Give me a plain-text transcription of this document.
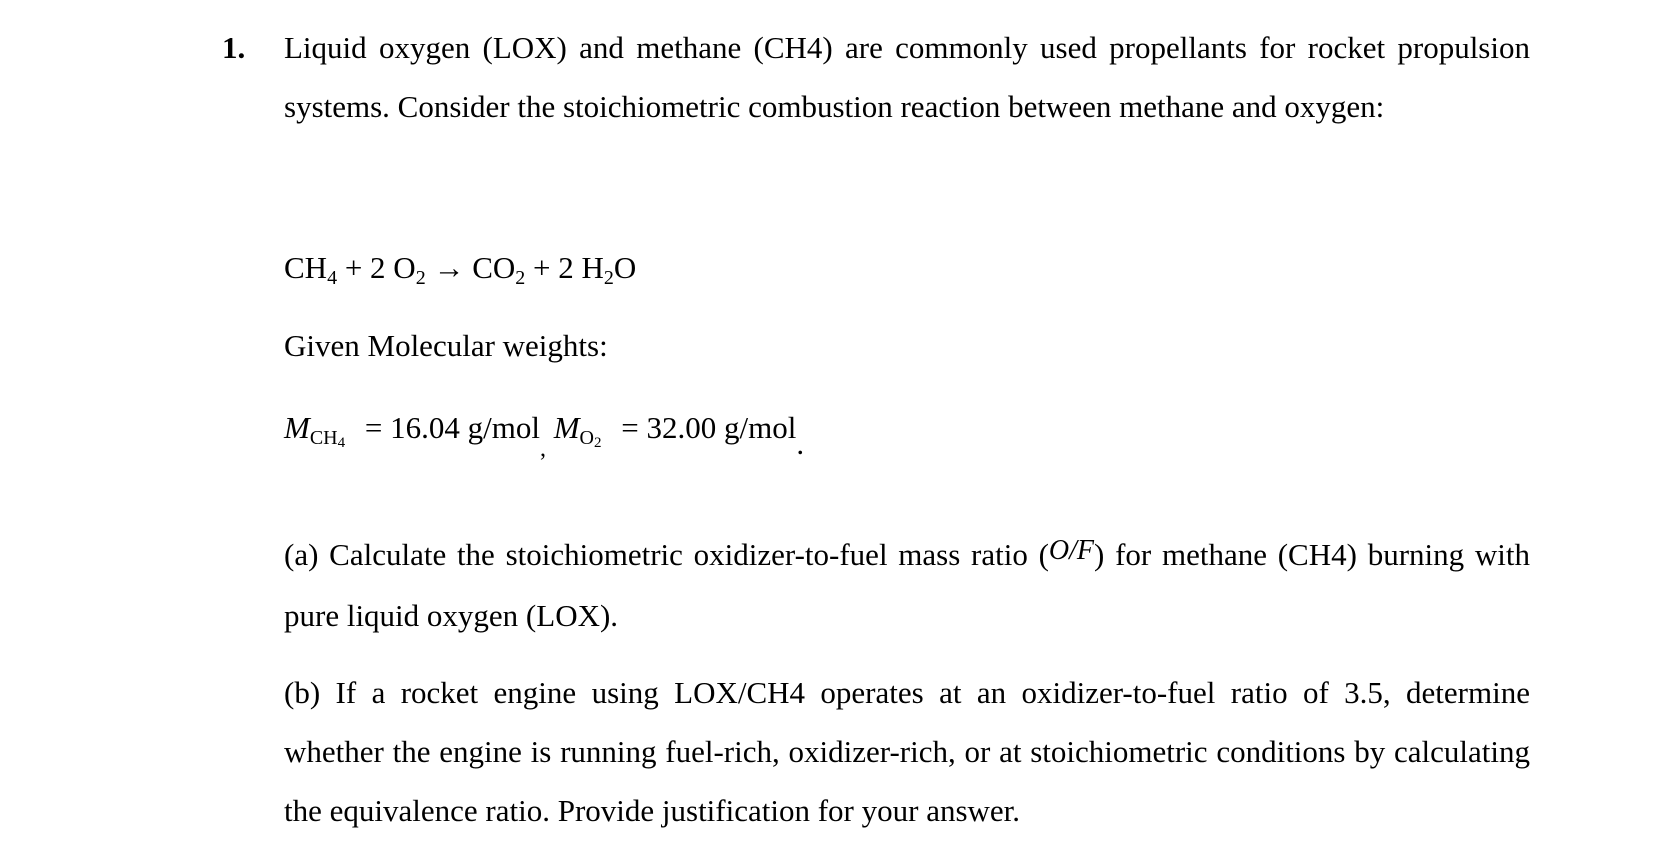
1. Liquid oxygen (LOX) and methane (CH4) are commonly used propellants for rocket propulsion systems. Consider the stoichiometric combustion reaction between methane and oxygen:
$CH_4 + 2$ $O_2 \to CO_2 + 2$ $H_2O$
Given Molecular weights:
$M_{CH4} = 16.04$ g/mol$_,$ $M_{O2} = 32.00$ g/mol.
(a) Calculate the stoichiometric oxidizer-to-fuel mass ratio (O/F) for methane (CH4) burning with pure liquid oxygen (LOX).
(b) If a rocket engine using LOX/CH4 operates at an oxidizer-to-fuel ratio of 3.5, determine whether the engine is running fuel-rich, oxidizer-rich, or at stoichiometric conditions by calculating the equivalence ratio. Provide justification for your answer.
